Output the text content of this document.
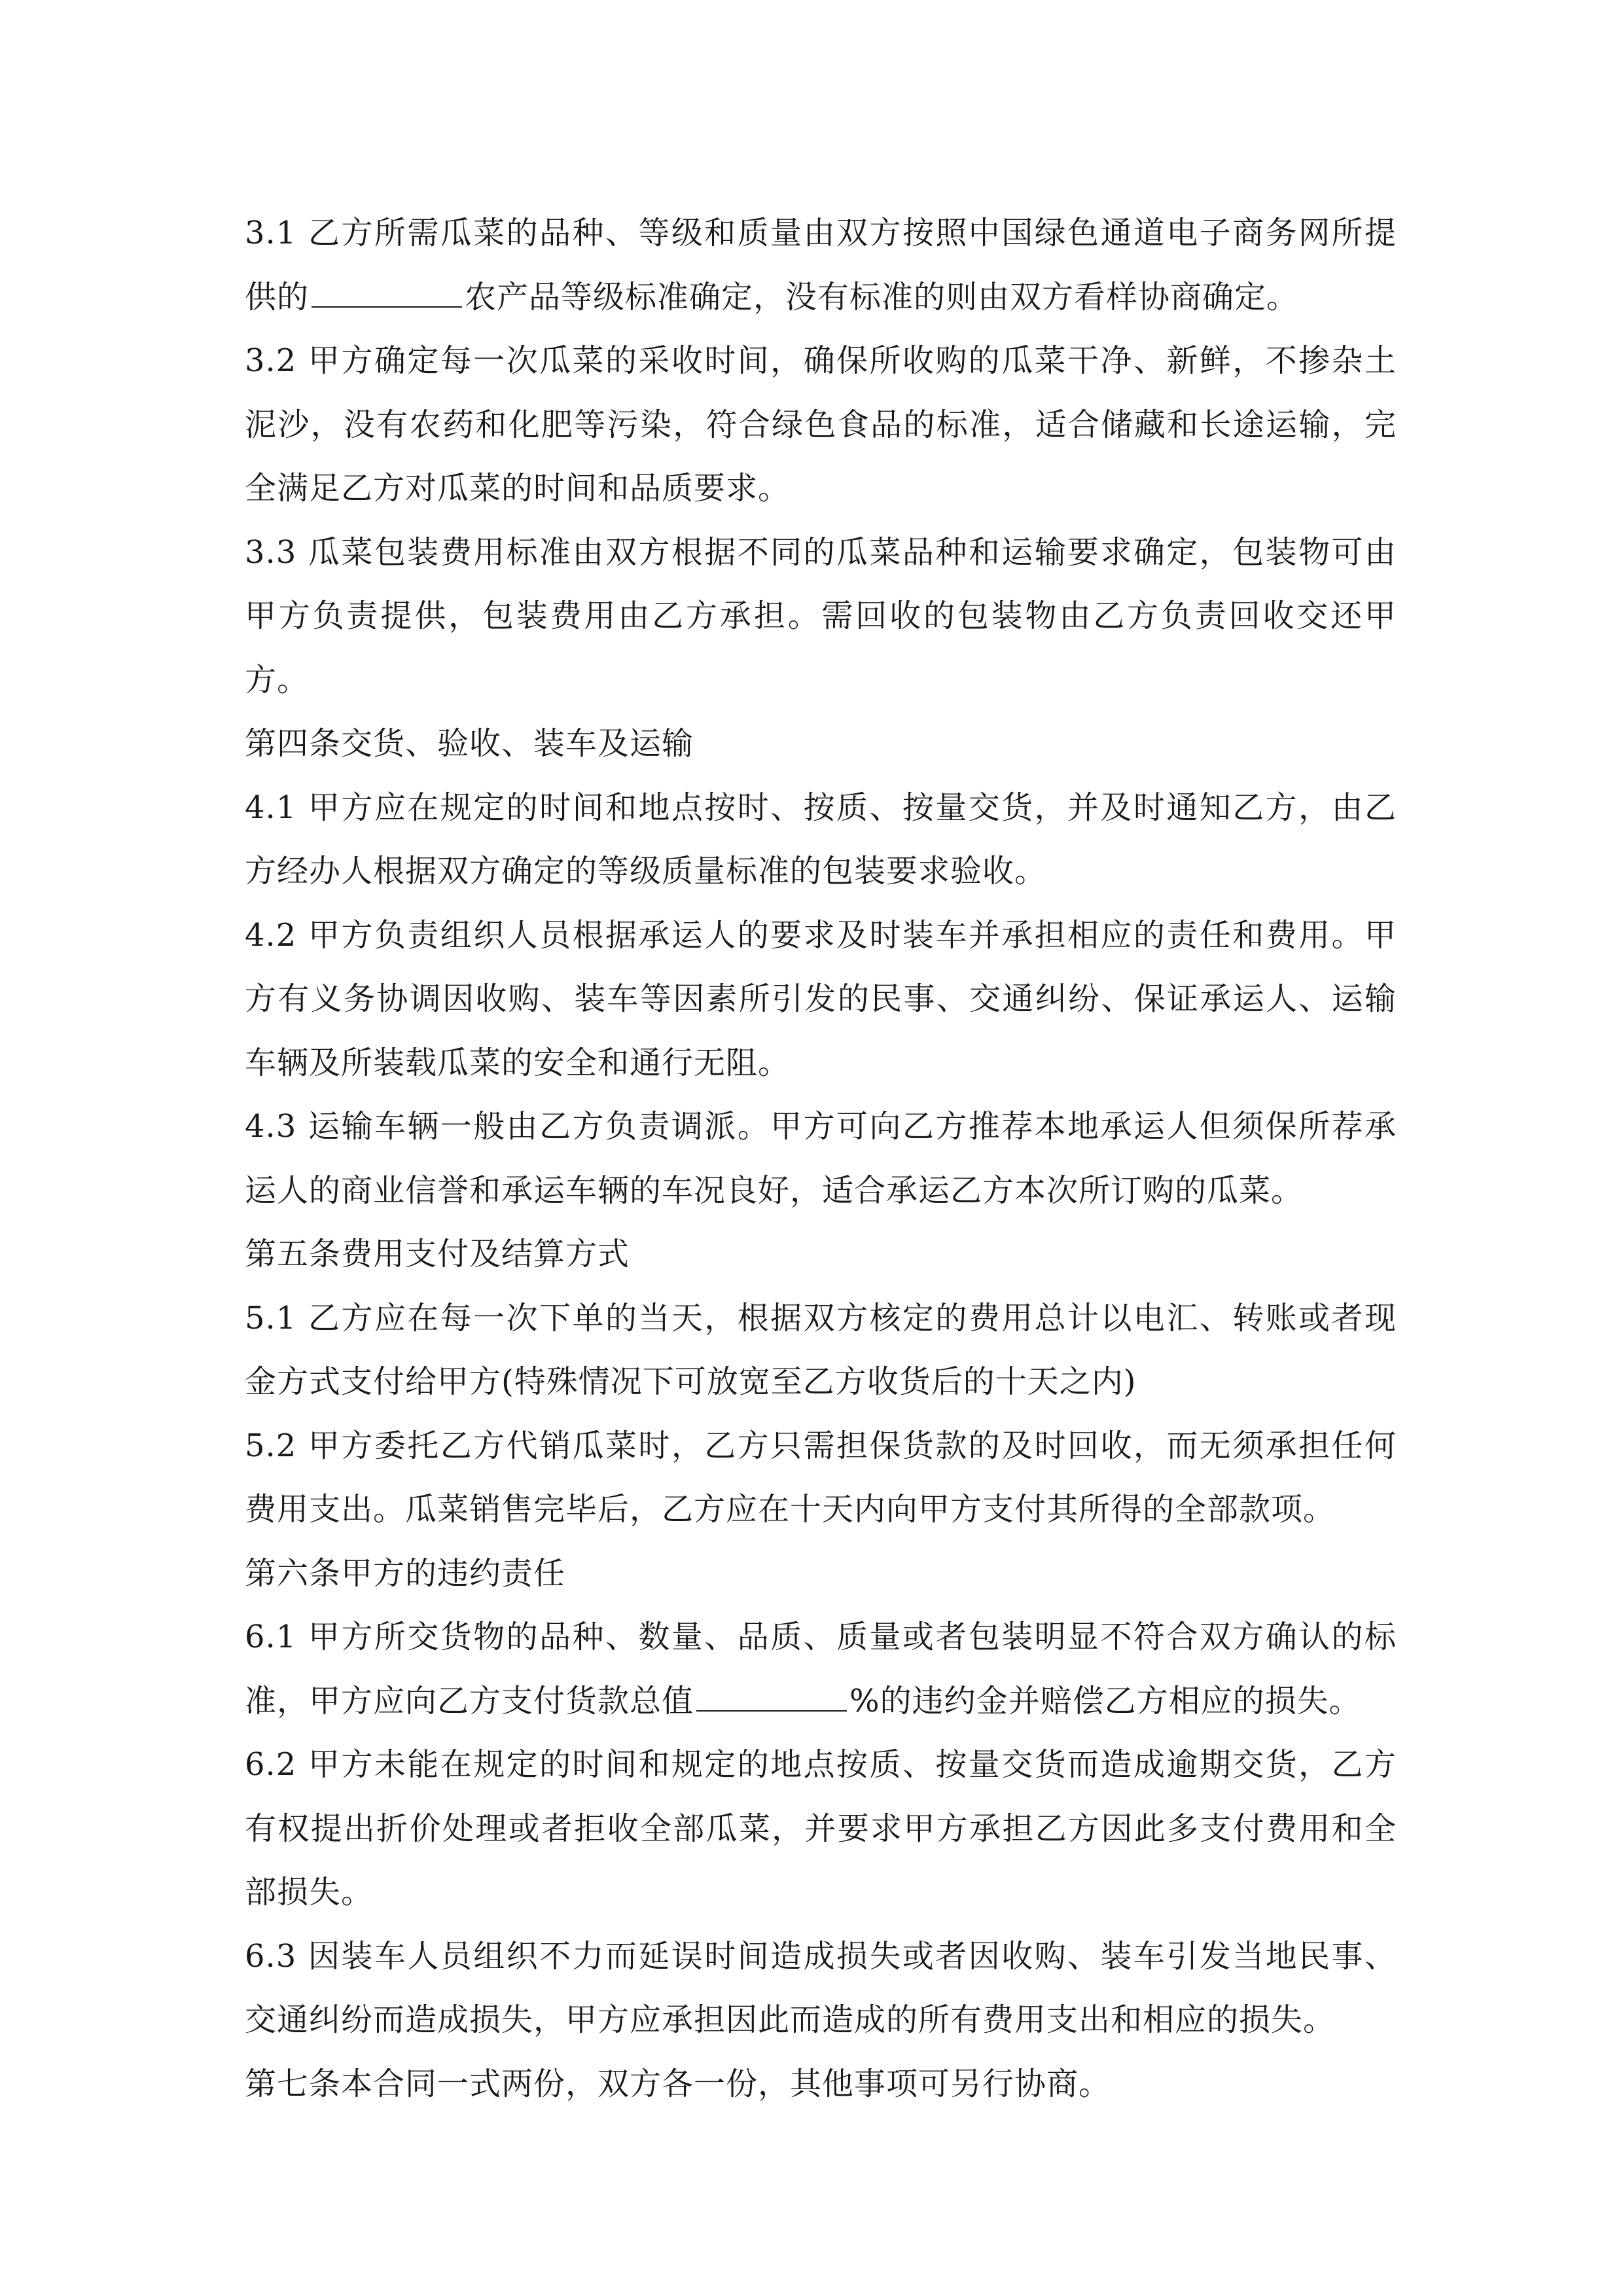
3.1 乙方所需瓜菜的品种、等级和质量由双方按照中国绿色通道电子商务网所提供的	农产品等级标准确定，没有标准的则由双方看样协商确定。

3.2 甲方确定每一次瓜菜的采收时间，确保所收购的瓜菜干净、新鲜，不掺杂土泥沙，没有农药和化肥等污染，符合绿色食品的标准，适合储藏和长途运输，完全满足乙方对瓜菜的时间和品质要求。

3.3 瓜菜包装费用标准由双方根据不同的瓜菜品种和运输要求确定，包装物可由甲方负责提供，包装费用由乙方承担。需回收的包装物由乙方负责回收交还甲方。

第四条交货、验收、装车及运输

4.1 甲方应在规定的时间和地点按时、按质、按量交货，并及时通知乙方，由乙方经办人根据双方确定的等级质量标准的包装要求验收。

4.2 甲方负责组织人员根据承运人的要求及时装车并承担相应的责任和费用。甲方有义务协调因收购、装车等因素所引发的民事、交通纠纷、保证承运人、运输车辆及所装载瓜菜的安全和通行无阻。

4.3 运输车辆一般由乙方负责调派。甲方可向乙方推荐本地承运人但须保所荐承运人的商业信誉和承运车辆的车况良好，适合承运乙方本次所订购的瓜菜。

第五条费用支付及结算方式

5.1 乙方应在每一次下单的当天，根据双方核定的费用总计以电汇、转账或者现金方式支付给甲方(特殊情况下可放宽至乙方收货后的十天之内)

5.2 甲方委托乙方代销瓜菜时，乙方只需担保货款的及时回收，而无须承担任何费用支出。瓜菜销售完毕后，乙方应在十天内向甲方支付其所得的全部款项。

第六条甲方的违约责任

6.1 甲方所交货物的品种、数量、品质、质量或者包装明显不符合双方确认的标准，甲方应向乙方支付货款总值	%的违约金并赔偿乙方相应的损失。

6.2 甲方未能在规定的时间和规定的地点按质、按量交货而造成逾期交货，乙方有权提出折价处理或者拒收全部瓜菜，并要求甲方承担乙方因此多支付费用和全部损失。

6.3 因装车人员组织不力而延误时间造成损失或者因收购、装车引发当地民事、交通纠纷而造成损失，甲方应承担因此而造成的所有费用支出和相应的损失。

第七条本合同一式两份，双方各一份，其他事项可另行协商。
